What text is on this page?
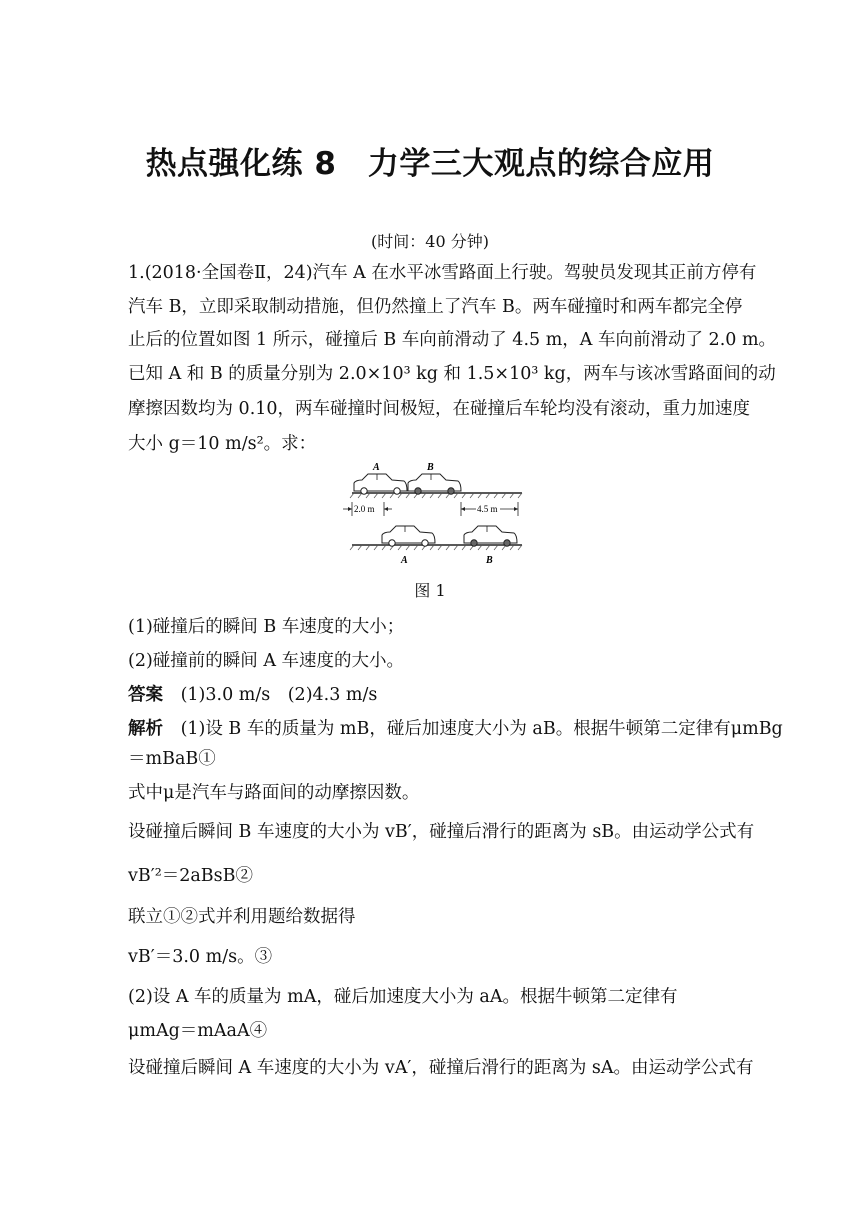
热点强化练 8　力学三大观点的综合应用
(时间：40 分钟)
1.(2018·全国卷Ⅱ，24)汽车 A 在水平冰雪路面上行驶。驾驶员发现其正前方停有
汽车 B，立即采取制动措施，但仍然撞上了汽车 B。两车碰撞时和两车都完全停
止后的位置如图 1 所示，碰撞后 B 车向前滑动了 4.5 m，A 车向前滑动了 2.0 m。
已知 A 和 B 的质量分别为 2.0×10³ kg 和 1.5×10³ kg，两车与该冰雪路面间的动
摩擦因数均为 0.10，两车碰撞时间极短，在碰撞后车轮均没有滚动，重力加速度
大小 g＝10 m/s²。求：
A	B
2.0 m	4.5 m
A	B
图 1
(1)碰撞后的瞬间 B 车速度的大小；
(2)碰撞前的瞬间 A 车速度的大小。
答案 (1)3.0 m/s　(2)4.3 m/s
解析 (1)设 B 车的质量为 mB，碰后加速度大小为 aB。根据牛顿第二定律有μmBg
＝mBaB①
式中μ是汽车与路面间的动摩擦因数。
设碰撞后瞬间 B 车速度的大小为 vB′，碰撞后滑行的距离为 sB。由运动学公式有
vB′²＝2aBsB②
联立①②式并利用题给数据得
vB′＝3.0 m/s。③
(2)设 A 车的质量为 mA，碰后加速度大小为 aA。根据牛顿第二定律有
μmAg＝mAaA④
设碰撞后瞬间 A 车速度的大小为 vA′，碰撞后滑行的距离为 sA。由运动学公式有
